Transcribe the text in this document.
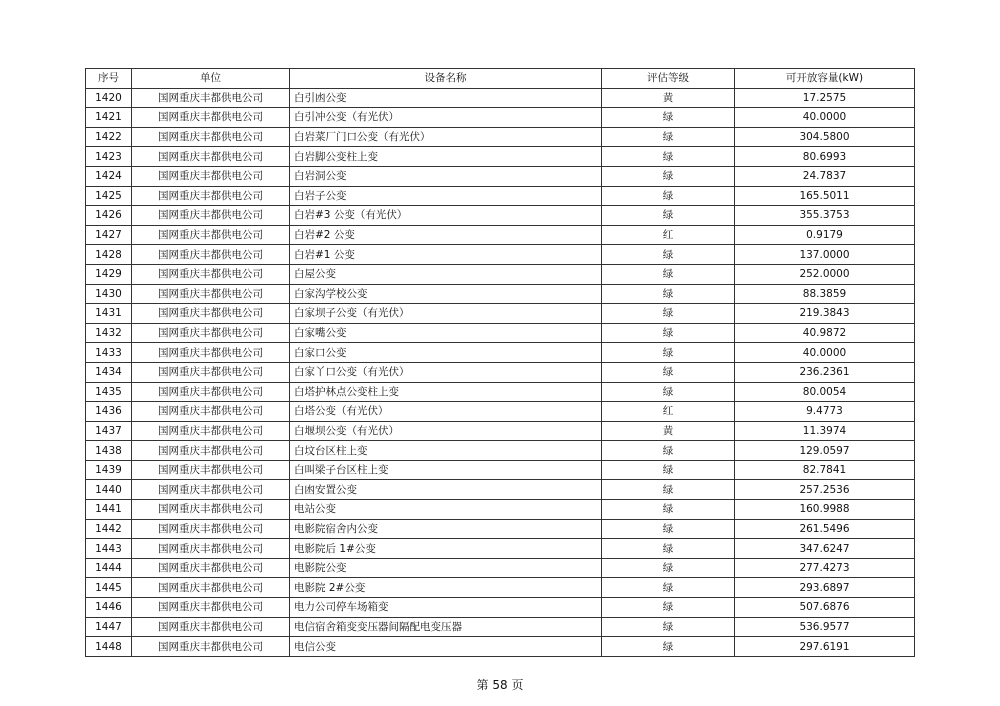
序号	单位	设备名称	评估等级	可开放容量(kW)
1420	国网重庆丰都供电公司	白引凼公变	黄	17.2575
1421	国网重庆丰都供电公司	白引冲公变（有光伏）	绿	40.0000
1422	国网重庆丰都供电公司	白岩菜厂门口公变（有光伏）	绿	304.5800
1423	国网重庆丰都供电公司	白岩脚公变柱上变	绿	80.6993
1424	国网重庆丰都供电公司	白岩洞公变	绿	24.7837
1425	国网重庆丰都供电公司	白岩子公变	绿	165.5011
1426	国网重庆丰都供电公司	白岩#3 公变（有光伏）	绿	355.3753
1427	国网重庆丰都供电公司	白岩#2 公变	红	0.9179
1428	国网重庆丰都供电公司	白岩#1 公变	绿	137.0000
1429	国网重庆丰都供电公司	白屋公变	绿	252.0000
1430	国网重庆丰都供电公司	白家沟学校公变	绿	88.3859
1431	国网重庆丰都供电公司	白家坝子公变（有光伏）	绿	219.3843
1432	国网重庆丰都供电公司	白家嘴公变	绿	40.9872
1433	国网重庆丰都供电公司	白家口公变	绿	40.0000
1434	国网重庆丰都供电公司	白家丫口公变（有光伏）	绿	236.2361
1435	国网重庆丰都供电公司	白塔护林点公变柱上变	绿	80.0054
1436	国网重庆丰都供电公司	白塔公变（有光伏）	红	9.4773
1437	国网重庆丰都供电公司	白堰坝公变（有光伏）	黄	11.3974
1438	国网重庆丰都供电公司	白坟台区柱上变	绿	129.0597
1439	国网重庆丰都供电公司	白叫梁子台区柱上变	绿	82.7841
1440	国网重庆丰都供电公司	白凼安置公变	绿	257.2536
1441	国网重庆丰都供电公司	电站公变	绿	160.9988
1442	国网重庆丰都供电公司	电影院宿舍内公变	绿	261.5496
1443	国网重庆丰都供电公司	电影院后 1#公变	绿	347.6247
1444	国网重庆丰都供电公司	电影院公变	绿	277.4273
1445	国网重庆丰都供电公司	电影院 2#公变	绿	293.6897
1446	国网重庆丰都供电公司	电力公司停车场箱变	绿	507.6876
1447	国网重庆丰都供电公司	电信宿舍箱变变压器间隔配电变压器	绿	536.9577
1448	国网重庆丰都供电公司	电信公变	绿	297.6191
第 58 页
